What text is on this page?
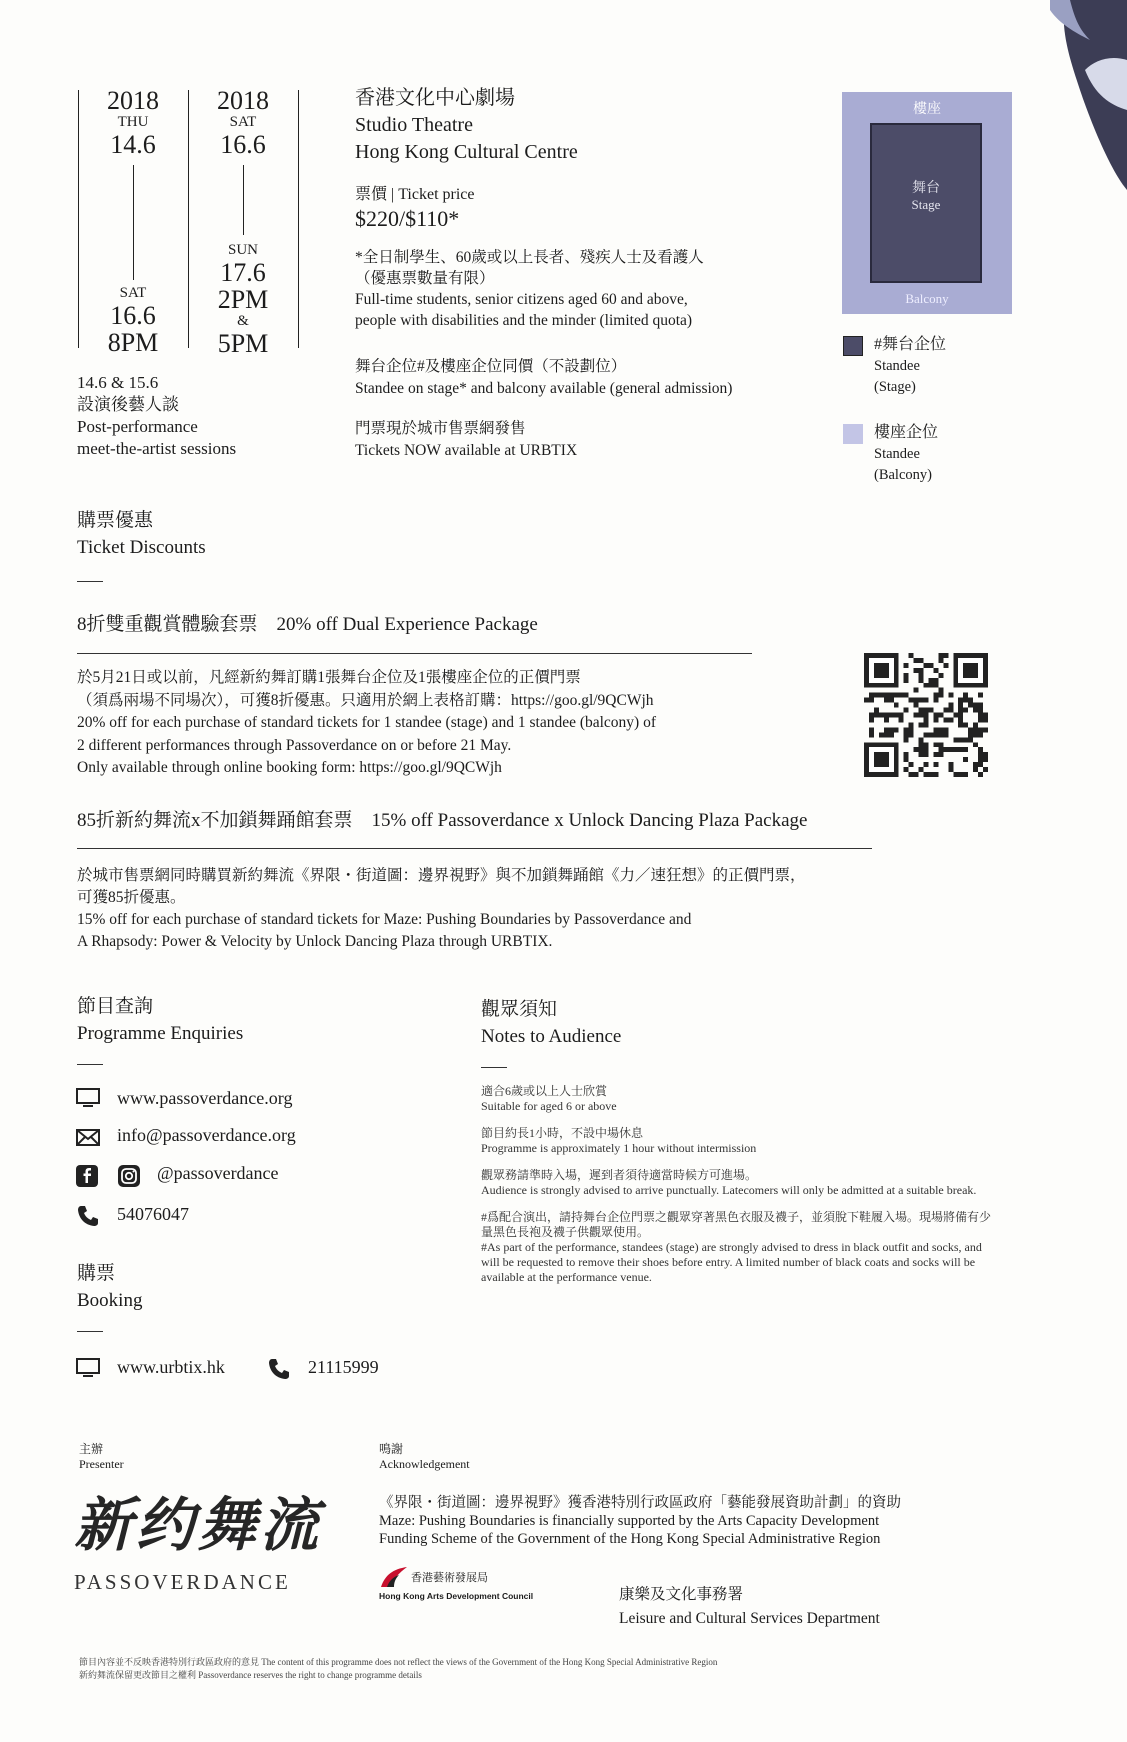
2018
THU
14.6
SAT
16.6
8PM
2018
SAT
16.6
SUN
17.6
2PM
&
5PM
14.6 & 15.6
設演後藝人談
Post-performance
meet-the-artist sessions
香港文化中心劇場
Studio Theatre
Hong Kong Cultural Centre
票價 | Ticket price
$220/$110*
*全日制學生、60歲或以上長者、殘疾人士及看護人
（優惠票數量有限）
Full-time students, senior citizens aged 60 and above,
people with disabilities and the minder (limited quota)
舞台企位#及樓座企位同價（不設劃位）
Standee on stage* and balcony available (general admission)
門票現於城市售票網發售
Tickets NOW available at URBTIX
樓座
舞台
Stage
Balcony
#舞台企位
Standee
(Stage)
樓座企位
Standee
(Balcony)
購票優惠
Ticket Discounts
8折雙重觀賞體驗套票　20% off Dual Experience Package
於5月21日或以前，凡經新約舞訂購1張舞台企位及1張樓座企位的正價門票
（須爲兩場不同場次），可獲8折優惠。只適用於網上表格訂購：https://goo.gl/9QCWjh
20% off for each purchase of standard tickets for 1 standee (stage) and 1 standee (balcony) of
2 different performances through Passoverdance on or before 21 May.
Only available through online booking form: https://goo.gl/9QCWjh
85折新約舞流x不加鎖舞踊館套票　15% off Passoverdance x Unlock Dancing Plaza Package
於城市售票網同時購買新約舞流《界限・街道圖：邊界視野》與不加鎖舞踊館《力／速狂想》的正價門票，
可獲85折優惠。
15% off for each purchase of standard tickets for Maze: Pushing Boundaries by Passoverdance and
A Rhapsody: Power & Velocity by Unlock Dancing Plaza through URBTIX.
節目查詢
Programme Enquiries
www.passoverdance.org
info@passoverdance.org
@passoverdance
54076047
購票
Booking
www.urbtix.hk	21115999
觀眾須知
Notes to Audience
適合6歲或以上人士欣賞
Suitable for aged 6 or above
節目約長1小時，不設中場休息
Programme is approximately 1 hour without intermission
觀眾務請準時入場，遲到者須待適當時候方可進場。
Audience is strongly advised to arrive punctually. Latecomers will only be admitted at a suitable break.
#爲配合演出，請持舞台企位門票之觀眾穿著黑色衣服及襪子，並須脫下鞋履入場。現場將備有少量黑色長袍及襪子供觀眾使用。
#As part of the performance, standees (stage) are strongly advised to dress in black outfit and socks, and will be requested to remove their shoes before entry. A limited number of black coats and socks will be available at the performance venue.
主辦
Presenter
新约舞流
PASSOVERDANCE
鳴謝
Acknowledgement
《界限・街道圖：邊界視野》獲香港特別行政區政府「藝能發展資助計劃」的資助
Maze: Pushing Boundaries is financially supported by the Arts Capacity Development
Funding Scheme of the Government of the Hong Kong Special Administrative Region
香港藝術發展局
Hong Kong Arts Development Council	康樂及文化事務署
Leisure and Cultural Services Department
節目內容並不反映香港特別行政區政府的意見 The content of this programme does not reflect the views of the Government of the Hong Kong Special Administrative Region
新約舞流保留更改節目之權利 Passoverdance reserves the right to change programme details
